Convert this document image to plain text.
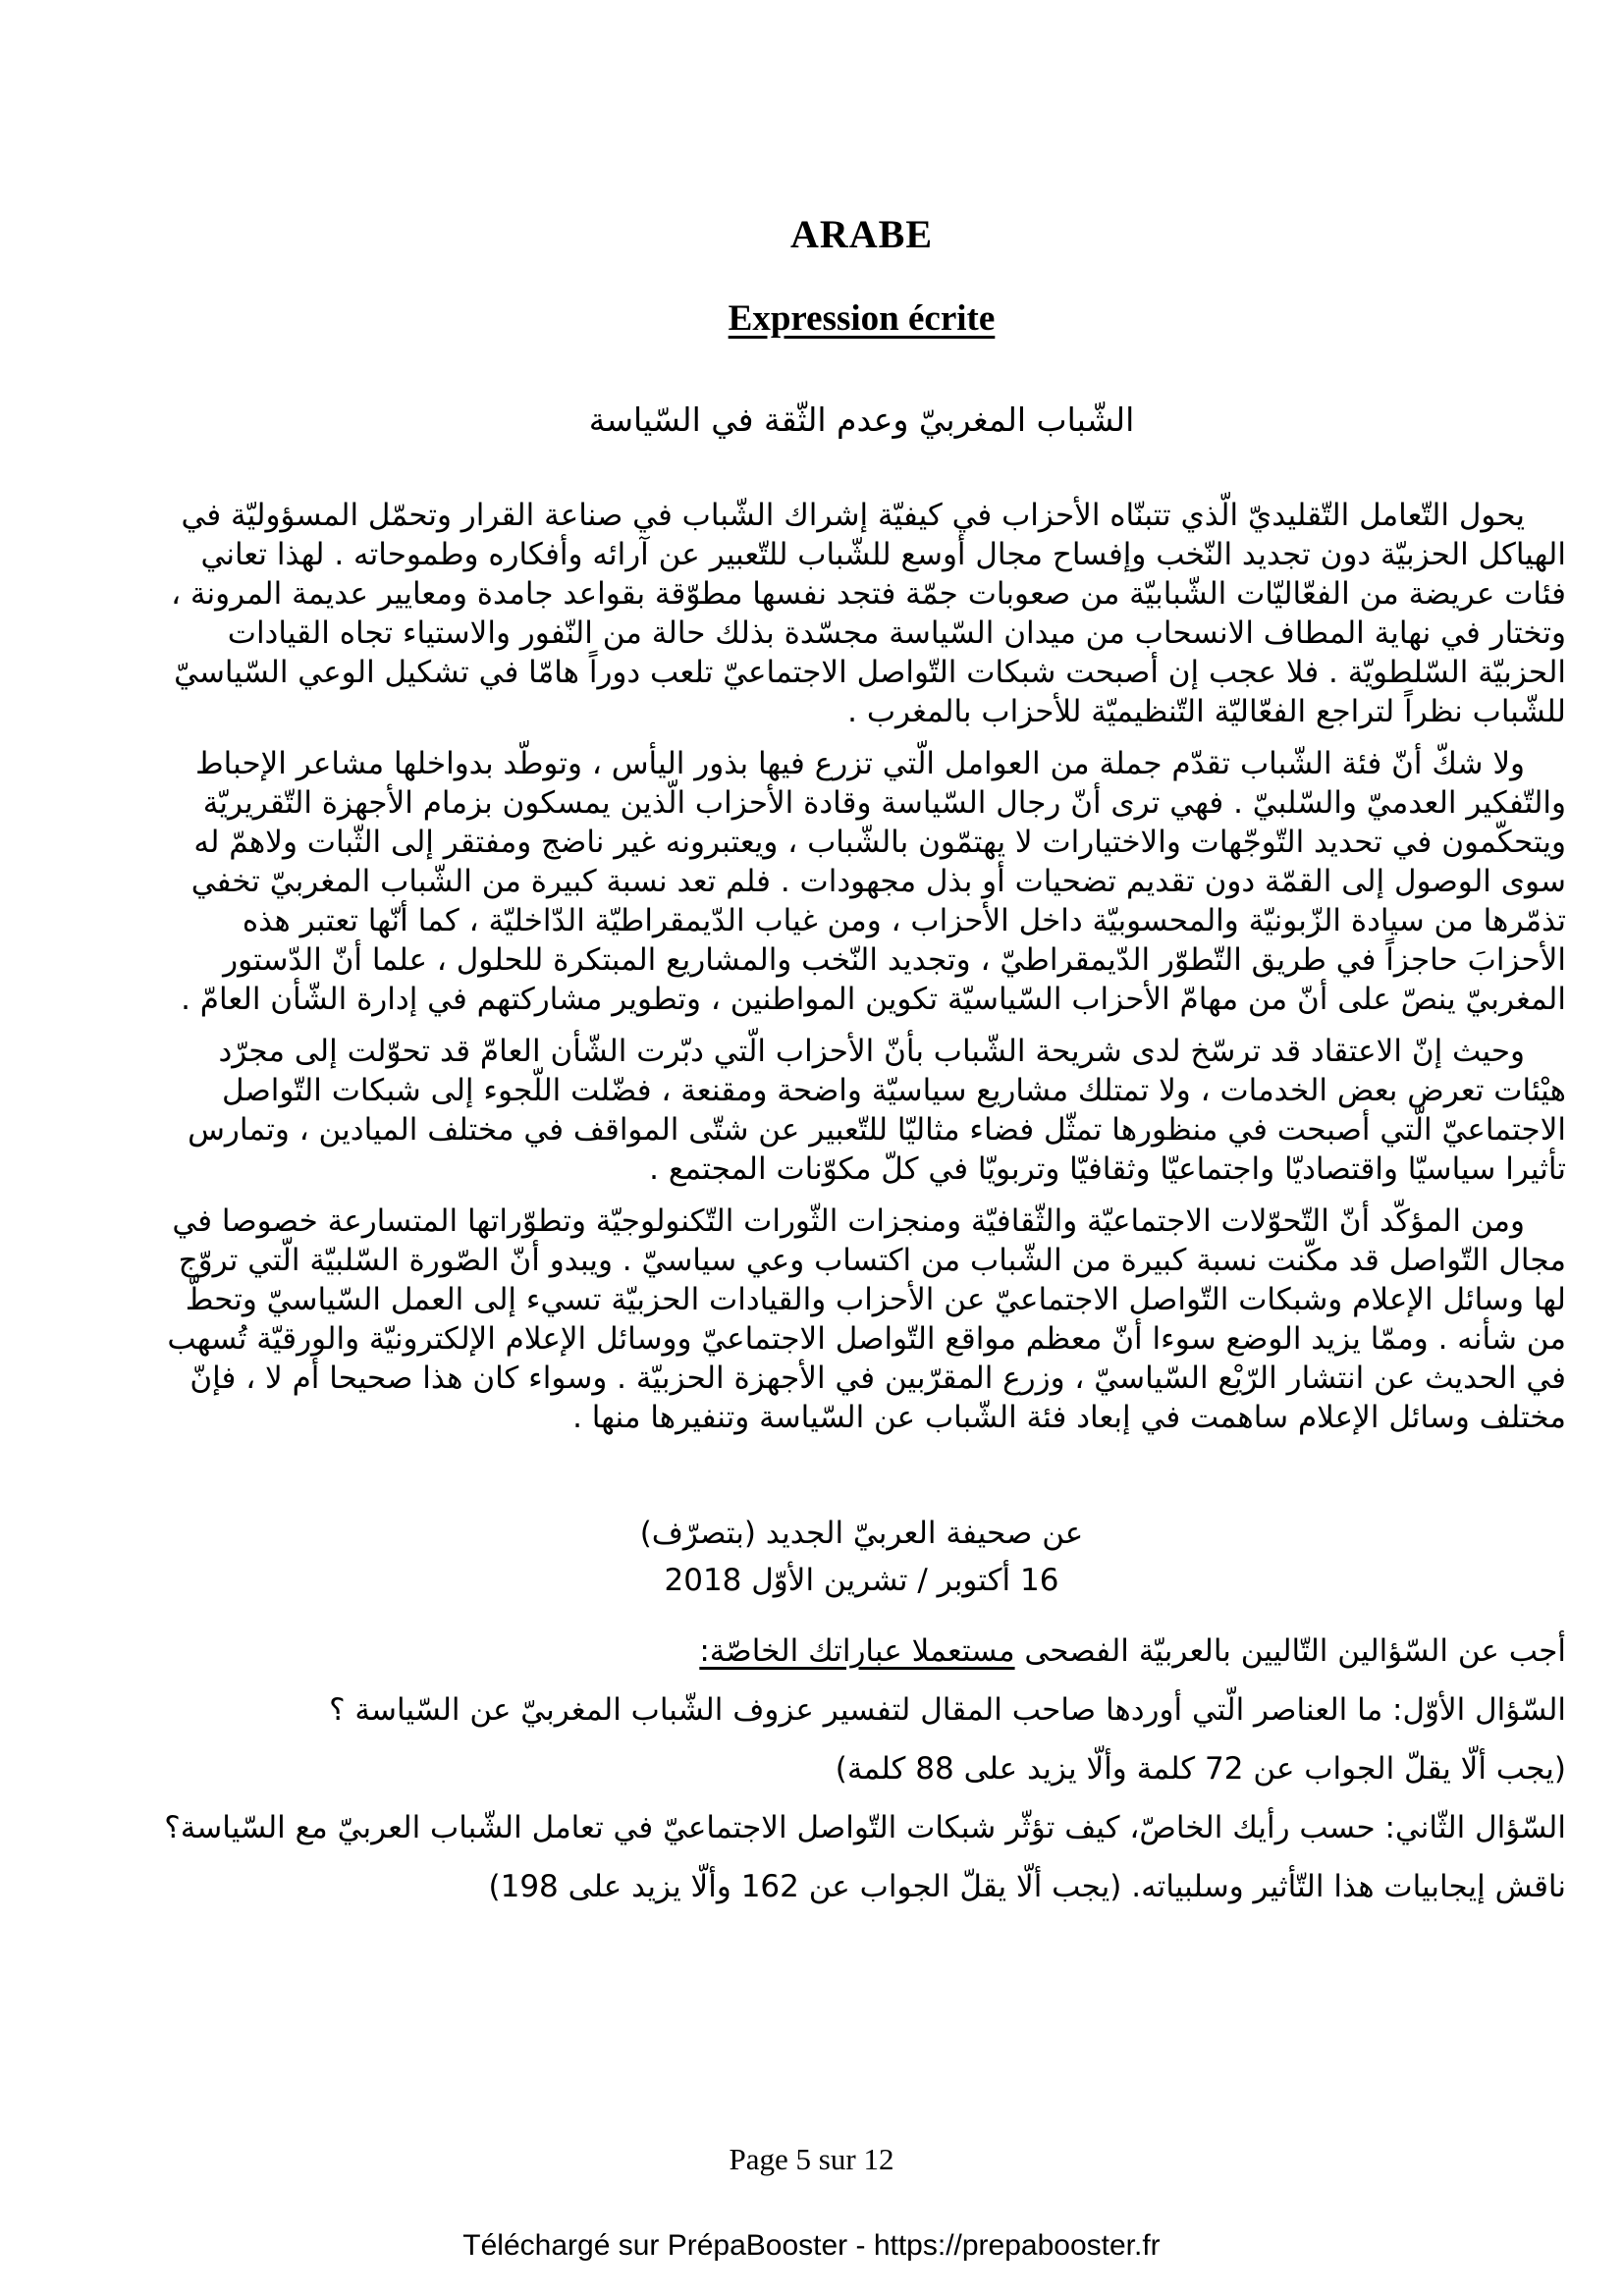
ARABE
Expression écrite
الشّباب المغربيّ وعدم الثّقة في السّياسة

يحول التّعامل التّقليديّ الّذي تتبنّاه الأحزاب في كيفيّة إشراك الشّباب في صناعة القرار وتحمّل المسؤوليّة في الهياكل الحزبيّة دون تجديد النّخب وإفساح مجال أوسع للشّباب للتّعبير عن آرائه وأفكاره وطموحاته . لهذا تعاني فئات عريضة من الفعّاليّات الشّبابيّة من صعوبات جمّة فتجد نفسها مطوّقة بقواعد جامدة ومعايير عديمة المرونة ، وتختار في نهاية المطاف الانسحاب من ميدان السّياسة مجسّدة بذلك حالة من النّفور والاستياء تجاه القيادات الحزبيّة السّلطويّة . فلا عجب إن أصبحت شبكات التّواصل الاجتماعيّ تلعب دوراً هامّا في تشكيل الوعي السّياسيّ للشّباب نظراً لتراجع الفعّاليّة التّنظيميّة للأحزاب بالمغرب .

ولا شكّ أنّ فئة الشّباب تقدّم جملة من العوامل الّتي تزرع فيها بذور اليأس ، وتوطّد بدواخلها مشاعر الإحباط والتّفكير العدميّ والسّلبيّ . فهي ترى أنّ رجال السّياسة وقادة الأحزاب الّذين يمسكون بزمام الأجهزة التّقريريّة ويتحكّمون في تحديد التّوجّهات والاختيارات لا يهتمّون بالشّباب ، ويعتبرونه غير ناضج ومفتقر إلى الثّبات ولاهمّ له سوى الوصول إلى القمّة دون تقديم تضحيات أو بذل مجهودات . فلم تعد نسبة كبيرة من الشّباب المغربيّ تخفي تذمّرها من سيادة الزّبونيّة والمحسوبيّة داخل الأحزاب ، ومن غياب الدّيمقراطيّة الدّاخليّة ، كما أنّها تعتبر هذه الأحزابَ حاجزاً في طريق التّطوّر الدّيمقراطيّ ، وتجديد النّخب والمشاريع المبتكرة للحلول ، علما أنّ الدّستور المغربيّ ينصّ على أنّ من مهامّ الأحزاب السّياسيّة تكوين المواطنين ، وتطوير مشاركتهم في إدارة الشّأن العامّ .

وحيث إنّ الاعتقاد قد ترسّخ لدى شريحة الشّباب بأنّ الأحزاب الّتي دبّرت الشّأن العامّ قد تحوّلت إلى مجرّد هيْئات تعرض بعض الخدمات ، ولا تمتلك مشاريع سياسيّة واضحة ومقنعة ، فضّلت اللّجوء إلى شبكات التّواصل الاجتماعيّ الّتي أصبحت في منظورها تمثّل فضاء مثاليّا للتّعبير عن شتّى المواقف في مختلف الميادين ، وتمارس تأثيرا سياسيّا واقتصاديّا واجتماعيّا وثقافيّا وتربويّا في كلّ مكوّنات المجتمع .

ومن المؤكّد أنّ التّحوّلات الاجتماعيّة والثّقافيّة ومنجزات الثّورات التّكنولوجيّة وتطوّراتها المتسارعة خصوصا في مجال التّواصل قد مكّنت نسبة كبيرة من الشّباب من اكتساب وعي سياسيّ . ويبدو أنّ الصّورة السّلبيّة الّتي تروّج لها وسائل الإعلام وشبكات التّواصل الاجتماعيّ عن الأحزاب والقيادات الحزبيّة تسيء إلى العمل السّياسيّ وتحطّ من شأنه . وممّا يزيد الوضع سوءا أنّ معظم مواقع التّواصل الاجتماعيّ ووسائل الإعلام الإلكترونيّة والورقيّة تُسهب في الحديث عن انتشار الرّيْع السّياسيّ ، وزرع المقرّبين في الأجهزة الحزبيّة . وسواء كان هذا صحيحا أم لا ، فإنّ مختلف وسائل الإعلام ساهمت في إبعاد فئة الشّباب عن السّياسة وتنفيرها منها .

عن صحيفة العربيّ الجديد (بتصرّف)
16 أكتوبر / تشرين الأوّل 2018
أجب عن السّؤالين التّاليين بالعربيّة الفصحى مستعملا عباراتك الخاصّة:
السّؤال الأوّل: ما العناصر الّتي أوردها صاحب المقال لتفسير عزوف الشّباب المغربيّ عن السّياسة ؟
(يجب ألّا يقلّ الجواب عن 72 كلمة وألّا يزيد على 88 كلمة)
السّؤال الثّاني: حسب رأيك الخاصّ، كيف تؤثّر شبكات التّواصل الاجتماعيّ في تعامل الشّباب العربيّ مع السّياسة؟ ناقش إيجابيات هذا التّأثير وسلبياته. (يجب ألّا يقلّ الجواب عن 162 وألّا يزيد على 198)
Page 5 sur 12
Téléchargé sur PrépaBooster - https://prepabooster.fr
